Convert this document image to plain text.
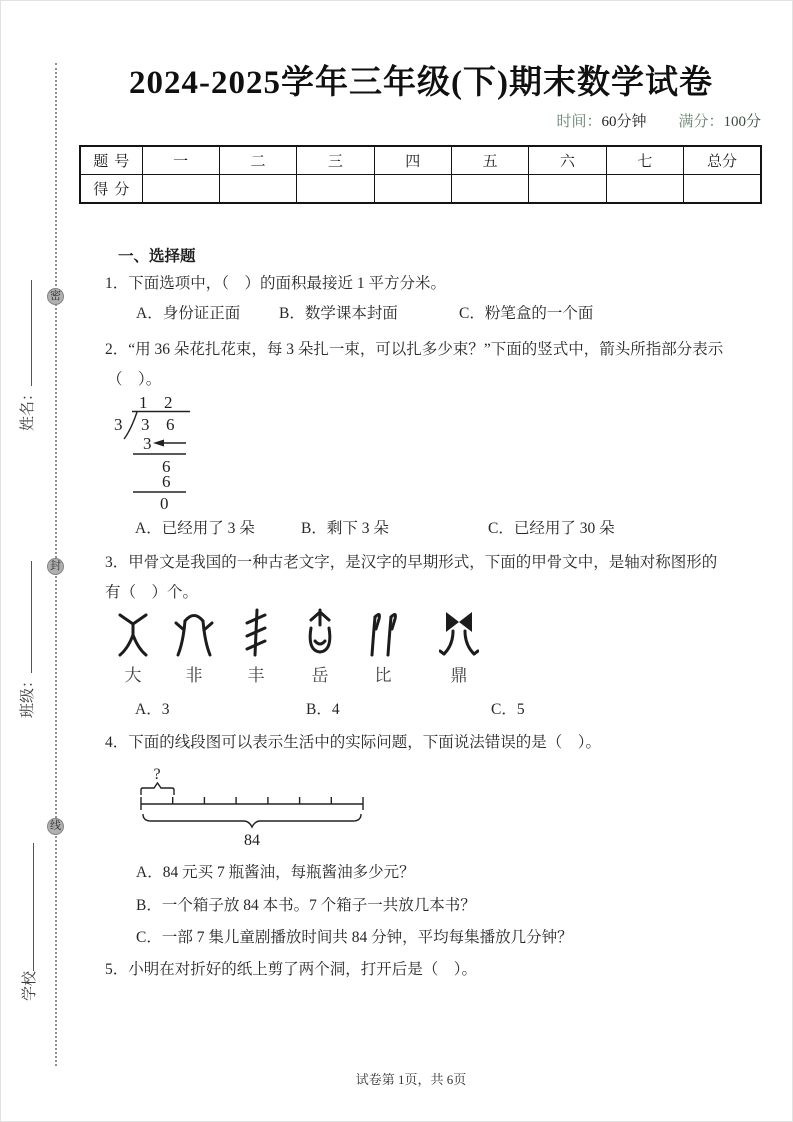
密
封
线
姓名：
班级：
学校
2024-2025学年三年级(下)期末数学试卷
时间：60分钟 满分：100分
题号	一	二	三	四	五	六	七	总分
得分								
一、选择题
1．下面选项中，（　）的面积最接近 1 平方分米。
A．身份证正面	B．数学课本封面	C．粉笔盒的一个面
2．“用 36 朵花扎花束，每 3 朵扎一束，可以扎多少束？”下面的竖式中，箭头所指部分表示
（　）。
1 2
3 3 6
3
6
6
0
A．已经用了 3 朵	B．剩下 3 朵	C．已经用了 30 朵
3．甲骨文是我国的一种古老文字，是汉字的早期形式，下面的甲骨文中，是轴对称图形的
有（　）个。
大	非	丰	岳	比	鼎
A．3	B．4	C．5
4．下面的线段图可以表示生活中的实际问题，下面说法错误的是（　）。
?
84
A．84 元买 7 瓶酱油，每瓶酱油多少元？
B．一个箱子放 84 本书。7 个箱子一共放几本书？
C．一部 7 集儿童剧播放时间共 84 分钟，平均每集播放几分钟？
5．小明在对折好的纸上剪了两个洞，打开后是（　）。
试卷第 1页，共 6页
